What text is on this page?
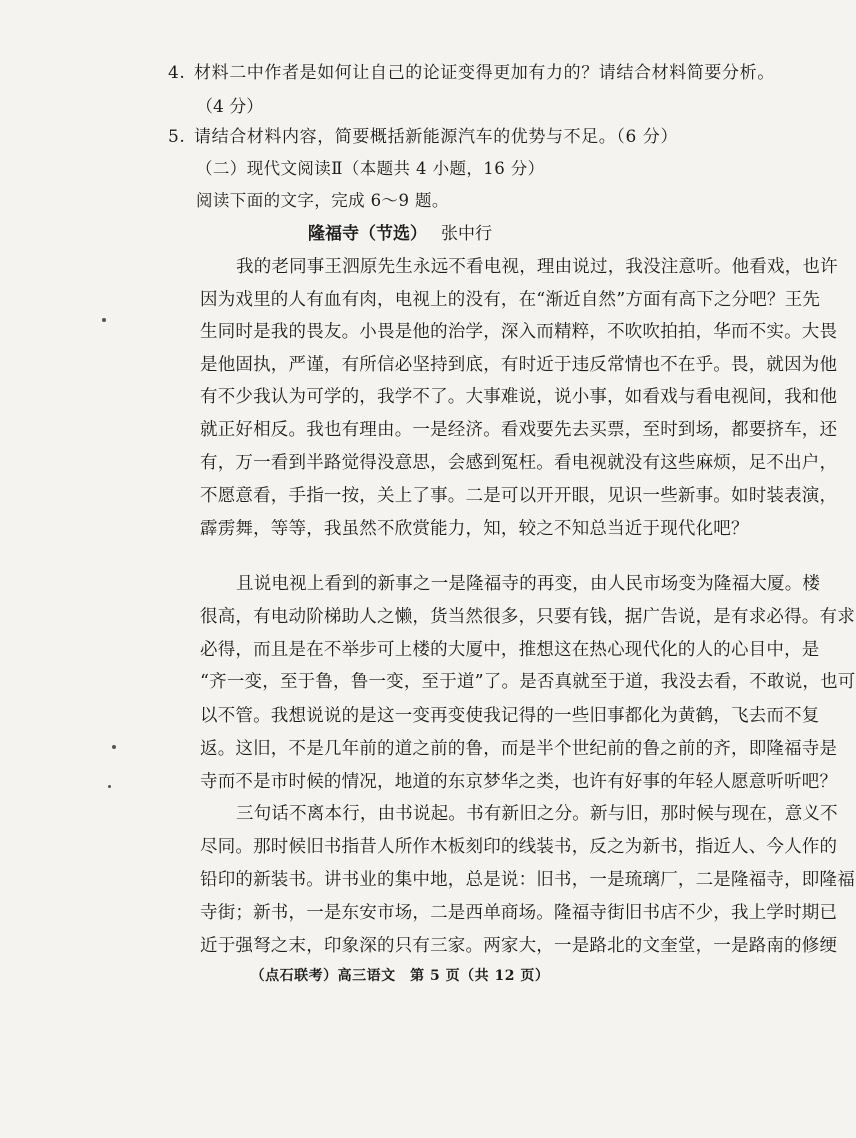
4. 材料二中作者是如何让自己的论证变得更加有力的？请结合材料简要分析。
（4 分）
5. 请结合材料内容，简要概括新能源汽车的优势与不足。（6 分）
（二）现代文阅读Ⅱ（本题共 4 小题，16 分）
阅读下面的文字，完成 6～9 题。
隆福寺（节选） 张中行
我的老同事王泗原先生永远不看电视，理由说过，我没注意听。他看戏，也许
因为戏里的人有血有肉，电视上的没有，在“渐近自然”方面有高下之分吧？王先
生同时是我的畏友。小畏是他的治学，深入而精粹，不吹吹拍拍，华而不实。大畏
是他固执，严谨，有所信必坚持到底，有时近于违反常情也不在乎。畏，就因为他
有不少我认为可学的，我学不了。大事难说，说小事，如看戏与看电视间，我和他
就正好相反。我也有理由。一是经济。看戏要先去买票，至时到场，都要挤车，还
有，万一看到半路觉得没意思，会感到冤枉。看电视就没有这些麻烦，足不出户，
不愿意看，手指一按，关上了事。二是可以开开眼，见识一些新事。如时装表演，
霹雳舞，等等，我虽然不欣赏能力，知，较之不知总当近于现代化吧？
且说电视上看到的新事之一是隆福寺的再变，由人民市场变为隆福大厦。楼
很高，有电动阶梯助人之懒，货当然很多，只要有钱，据广告说，是有求必得。有求
必得，而且是在不举步可上楼的大厦中，推想这在热心现代化的人的心目中，是
“齐一变，至于鲁，鲁一变，至于道”了。是否真就至于道，我没去看，不敢说，也可
以不管。我想说说的是这一变再变使我记得的一些旧事都化为黄鹤，飞去而不复
返。这旧，不是几年前的道之前的鲁，而是半个世纪前的鲁之前的齐，即隆福寺是
寺而不是市时候的情况，地道的东京梦华之类，也许有好事的年轻人愿意听听吧？
三句话不离本行，由书说起。书有新旧之分。新与旧，那时候与现在，意义不
尽同。那时候旧书指昔人所作木板刻印的线装书，反之为新书，指近人、今人作的
铅印的新装书。讲书业的集中地，总是说：旧书，一是琉璃厂，二是隆福寺，即隆福
寺街；新书，一是东安市场，二是西单商场。隆福寺街旧书店不少，我上学时期已
近于强弩之末，印象深的只有三家。两家大，一是路北的文奎堂，一是路南的修绠
（点石联考）高三语文　第 5 页（共 12 页）
